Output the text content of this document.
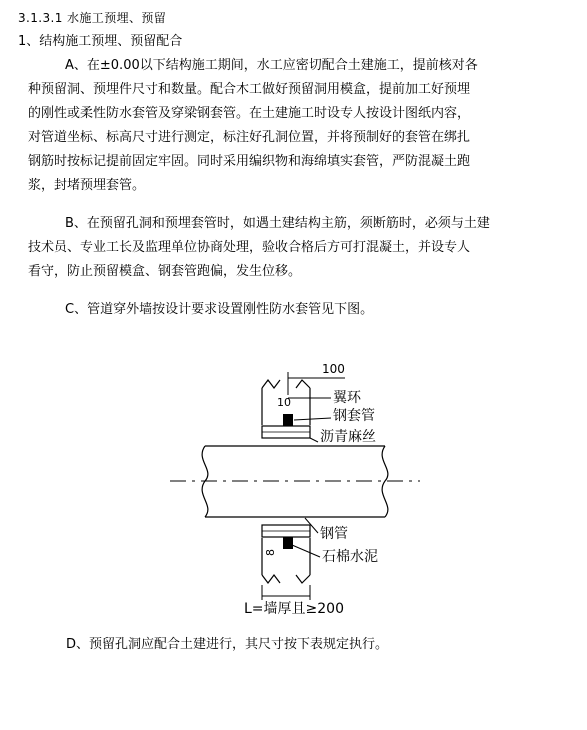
3.1.3.1 水施工预埋、预留
1、结构施工预埋、预留配合
A、在±0.00以下结构施工期间，水工应密切配合土建施工，提前核对各
种预留洞、预埋件尺寸和数量。配合木工做好预留洞用模盒，提前加工好预埋
的刚性或柔性防水套管及穿梁钢套管。在土建施工时设专人按设计图纸内容，
对管道坐标、标高尺寸进行测定，标注好孔洞位置，并将预制好的套管在绑扎
钢筋时按标记提前固定牢固。同时采用编织物和海绵填实套管，严防混凝土跑
浆，封堵预埋套管。
B、在预留孔洞和预埋套管时，如遇土建结构主筋，须断筋时，必须与土建
技术员、专业工长及监理单位协商处理，验收合格后方可打混凝土，并设专人
看守，防止预留模盒、钢套管跑偏，发生位移。
C、管道穿外墙按设计要求设置刚性防水套管见下图。
100
10	翼环
钢套管
沥青麻丝
钢管
石棉水泥
8
L=墙厚且≥200
D、预留孔洞应配合土建进行，其尺寸按下表规定执行。
